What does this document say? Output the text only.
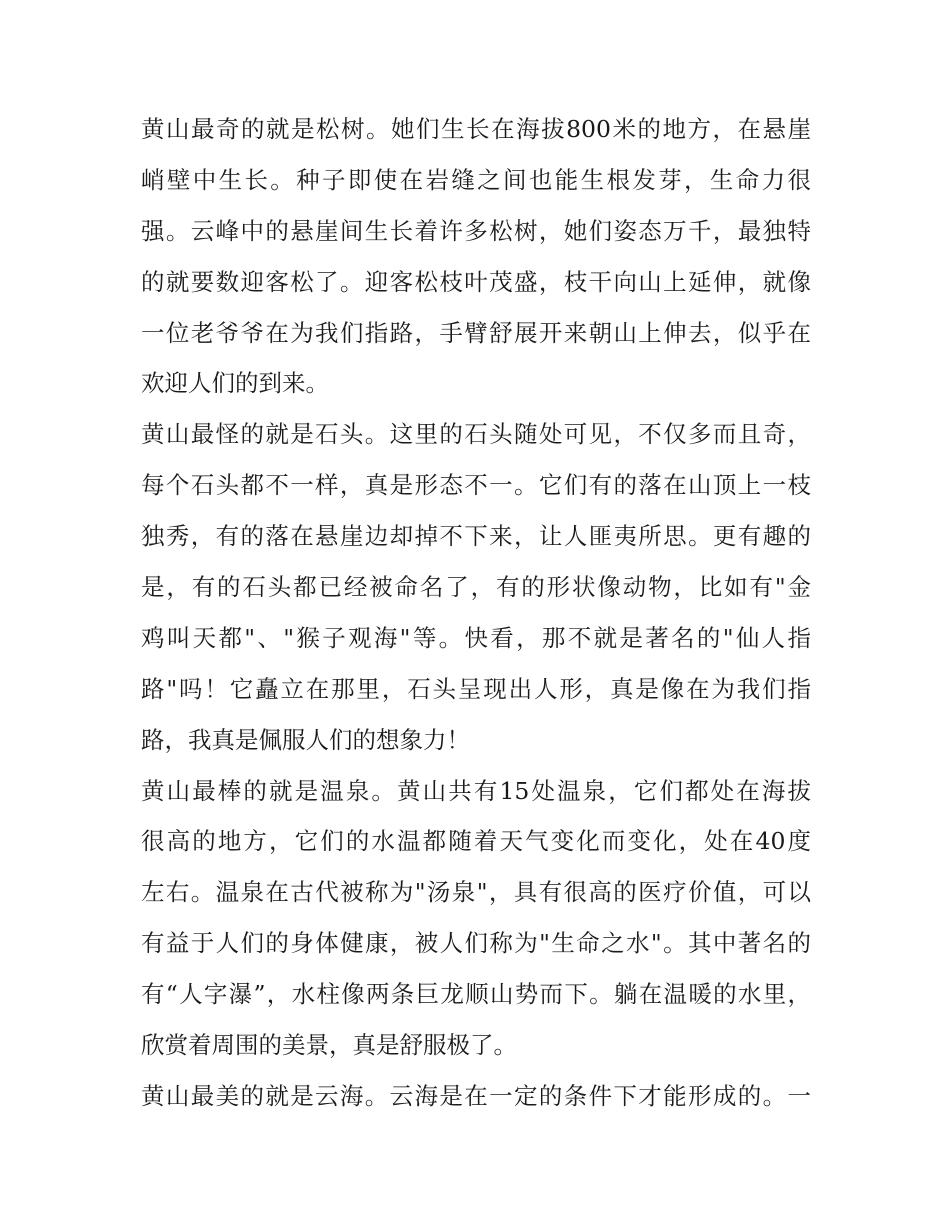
黄山最奇的就是松树。她们生长在海拔800米的地方，在悬崖
峭壁中生长。种子即使在岩缝之间也能生根发芽，生命力很
强。云峰中的悬崖间生长着许多松树，她们姿态万千，最独特
的就要数迎客松了。迎客松枝叶茂盛，枝干向山上延伸，就像
一位老爷爷在为我们指路，手臂舒展开来朝山上伸去，似乎在
欢迎人们的到来。
黄山最怪的就是石头。这里的石头随处可见，不仅多而且奇，
每个石头都不一样，真是形态不一。它们有的落在山顶上一枝
独秀，有的落在悬崖边却掉不下来，让人匪夷所思。更有趣的
是，有的石头都已经被命名了，有的形状像动物，比如有"金
鸡叫天都"、"猴子观海"等。快看，那不就是著名的"仙人指
路"吗！它矗立在那里，石头呈现出人形，真是像在为我们指
路，我真是佩服人们的想象力！
黄山最棒的就是温泉。黄山共有15处温泉，它们都处在海拔
很高的地方，它们的水温都随着天气变化而变化，处在40度
左右。温泉在古代被称为"汤泉"，具有很高的医疗价值，可以
有益于人们的身体健康，被人们称为"生命之水"。其中著名的
有“人字瀑”，水柱像两条巨龙顺山势而下。躺在温暖的水里，
欣赏着周围的美景，真是舒服极了。
黄山最美的就是云海。云海是在一定的条件下才能形成的。一
